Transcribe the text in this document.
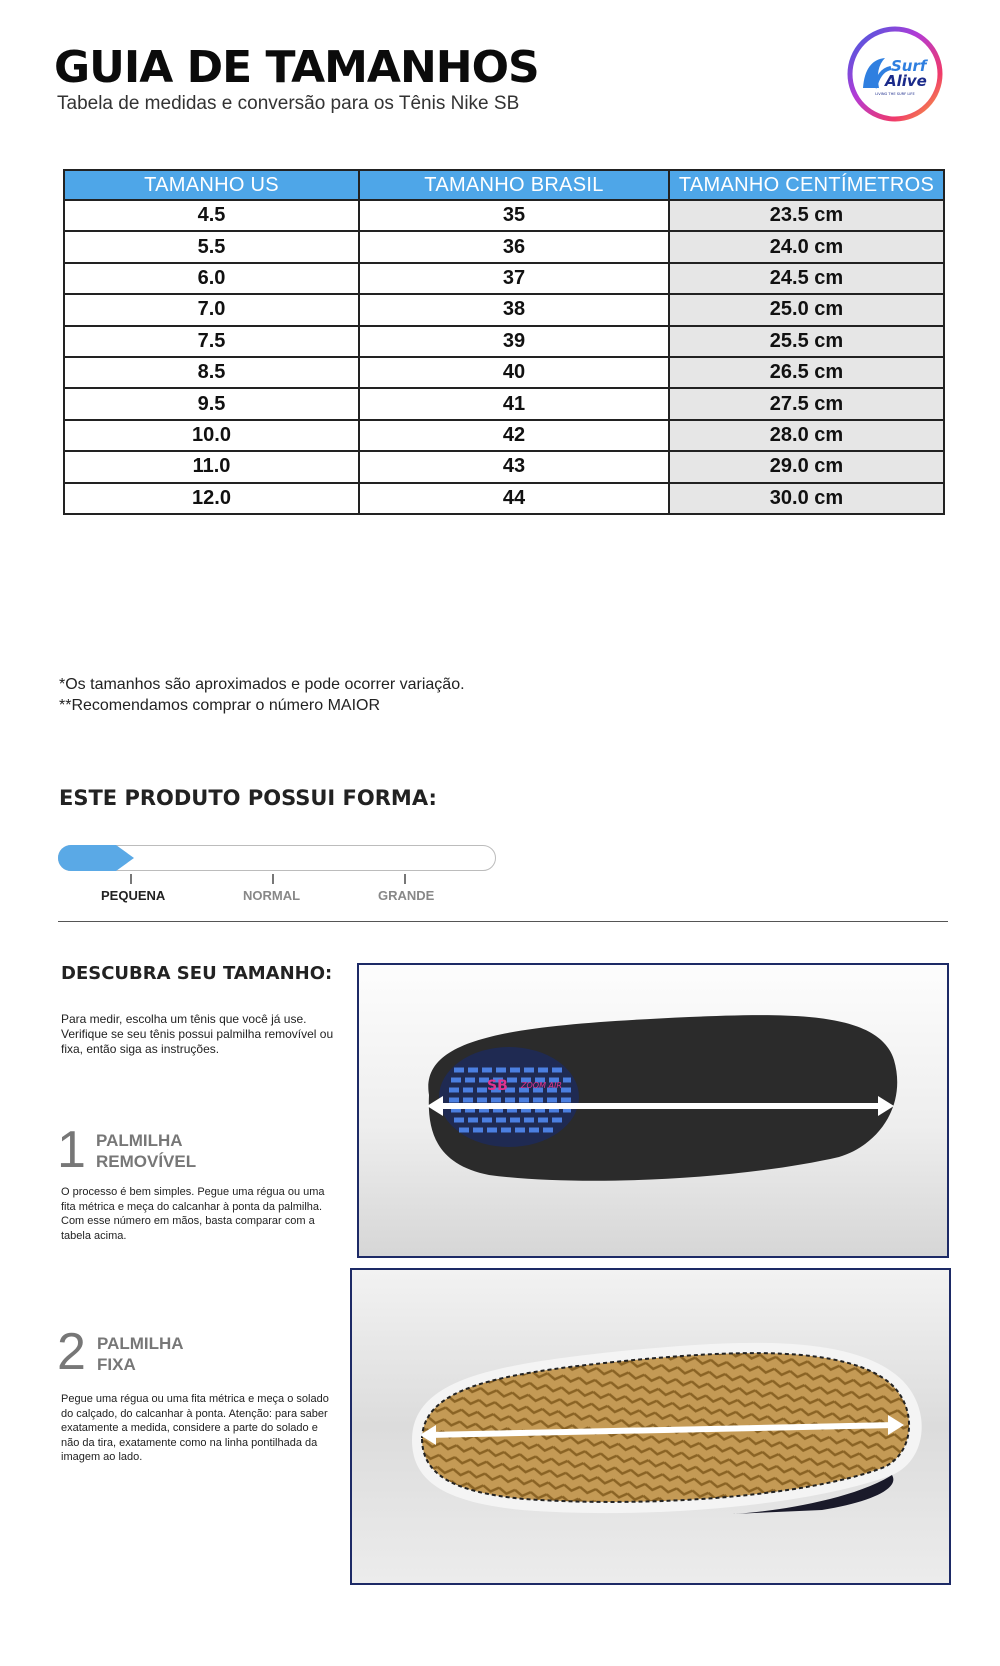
GUIA DE TAMANHOS
Tabela de medidas e conversão para os Tênis Nike SB
Surf
Alive
LIVING THE SURF LIFE
TAMANHO US	TAMANHO BRASIL	TAMANHO CENTÍMETROS
4.5	35	23.5 cm
5.5	36	24.0 cm
6.0	37	24.5 cm
7.0	38	25.0 cm
7.5	39	25.5 cm
8.5	40	26.5 cm
9.5	41	27.5 cm
10.0	42	28.0 cm
11.0	43	29.0 cm
12.0	44	30.0 cm
*Os tamanhos são aproximados e pode ocorrer variação.
**Recomendamos comprar o número MAIOR
ESTE PRODUTO POSSUI FORMA:
PEQUENA	NORMAL	GRANDE
DESCUBRA SEU TAMANHO:
Para medir, escolha um tênis que você já use. Verifique se seu tênis possui palmilha removível ou fixa, então siga as instruções.
1 PALMILHA
REMOVÍVEL
O processo é bem simples. Pegue uma régua ou uma fita métrica e meça do calcanhar à ponta da palmilha. Com esse número em mãos, basta comparar com a tabela acima.
2 PALMILHA
FIXA
Pegue uma régua ou uma fita métrica e meça o solado do calçado, do calcanhar à ponta. Atenção: para saber exatamente a medida, considere a parte do solado e não da tira, exatamente como na linha pontilhada da imagem ao lado.
SB ZOOM AIR
